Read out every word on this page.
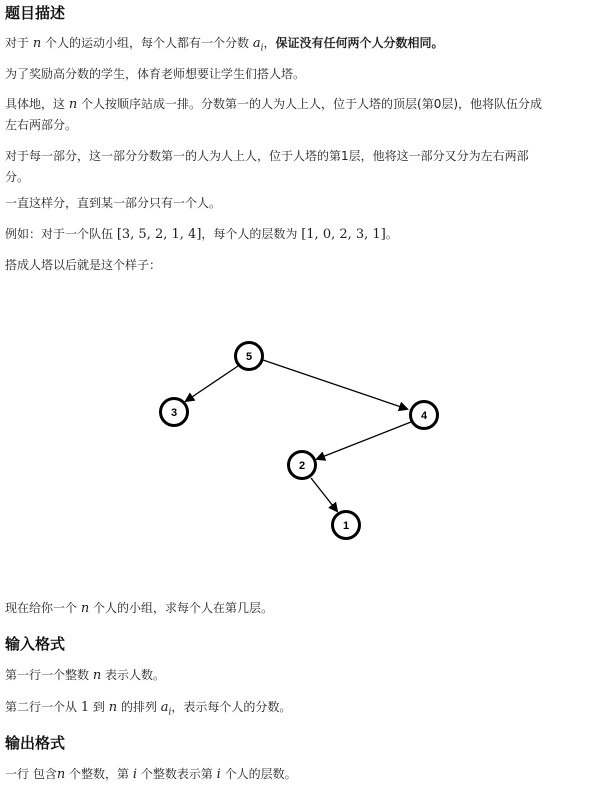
题目描述

对于 n 个人的运动小组，每个人都有一个分数 $a_i$，保证没有任何两个人分数相同。

为了奖励高分数的学生，体育老师想要让学生们搭人塔。

具体地，这 n 个人按顺序站成一排。分数第一的人为人上人，位于人塔的顶层(第0层)，他将队伍分成
左右两部分。

对于每一部分，这一部分分数第一的人为人上人，位于人塔的第1层，他将这一部分又分为左右两部
分。

一直这样分，直到某一部分只有一个人。

例如：对于一个队伍 [3, 5, 2, 1, 4]，每个人的层数为 [1, 0, 2, 3, 1]。

搭成人塔以后就是这个样子：

5
3	4
2
1

现在给你一个 n 个人的小组，求每个人在第几层。

输入格式

第一行一个整数 n 表示人数。

第二行一个从 1 到 n 的排列 $a_i$，表示每个人的分数。

输出格式

一行 包含n 个整数，第 i 个整数表示第 i 个人的层数。
